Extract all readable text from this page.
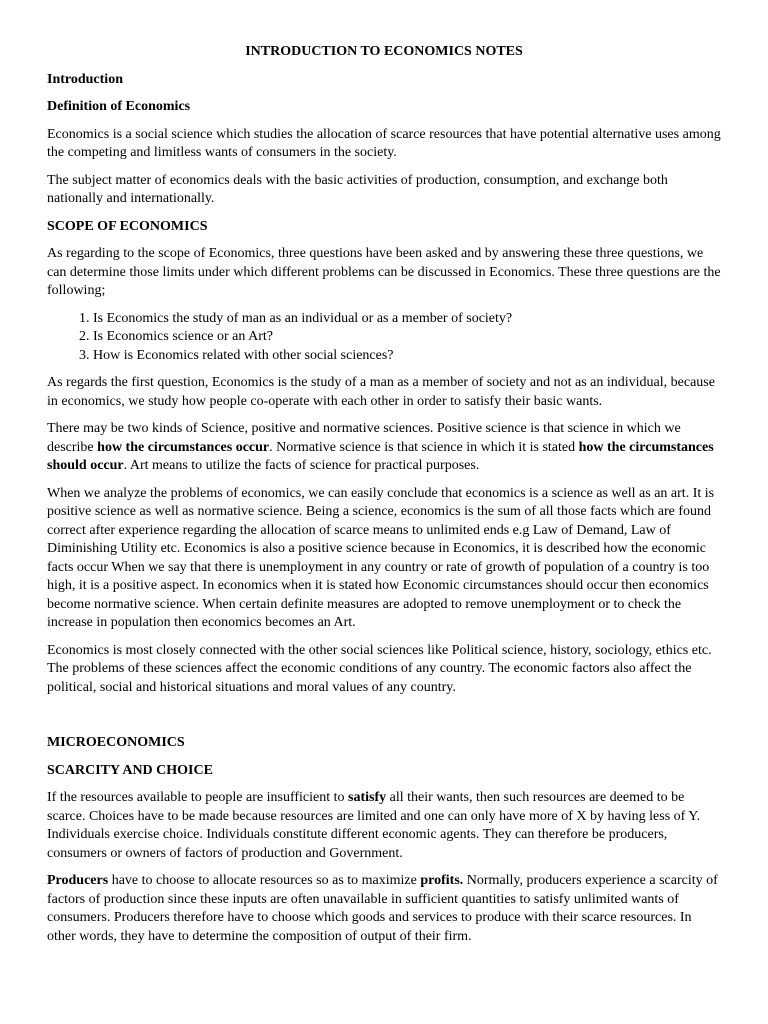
INTRODUCTION TO ECONOMICS NOTES
Introduction
Definition of Economics
Economics is a social science which studies the allocation of scarce resources that have potential alternative uses among the competing and limitless wants of consumers in the society.
The subject matter of economics deals with the basic activities of production, consumption, and exchange both nationally and internationally.
SCOPE OF ECONOMICS
As regarding to the scope of Economics, three questions have been asked and by answering these three questions, we can determine those limits under which different problems can be discussed in Economics. These three questions are the following;
1. Is Economics the study of man as an individual or as a member of society?
2. Is Economics science or an Art?
3. How is Economics related with other social sciences?
As regards the first question, Economics is the study of a man as a member of society and not as an individual, because in economics, we study how people co-operate with each other in order to satisfy their basic wants.
There may be two kinds of Science, positive and normative sciences. Positive science is that science in which we describe how the circumstances occur. Normative science is that science in which it is stated how the circumstances should occur. Art means to utilize the facts of science for practical purposes.
When we analyze the problems of economics, we can easily conclude that economics is a science as well as an art. It is positive science as well as normative science. Being a science, economics is the sum of all those facts which are found correct after experience regarding the allocation of scarce means to unlimited ends e.g Law of Demand, Law of Diminishing Utility etc. Economics is also a positive science because in Economics, it is described how the economic facts occur When we say that there is unemployment in any country or rate of growth of population of a country is too high, it is a positive aspect. In economics when it is stated how Economic circumstances should occur then economics become normative science. When certain definite measures are adopted to remove unemployment or to check the increase in population then economics becomes an Art.
Economics is most closely connected with the other social sciences like Political science, history, sociology, ethics etc. The problems of these sciences affect the economic conditions of any country. The economic factors also affect the political, social and historical situations and moral values of any country.
MICROECONOMICS
SCARCITY AND CHOICE
If the resources available to people are insufficient to satisfy all their wants, then such resources are deemed to be scarce. Choices have to be made because resources are limited and one can only have more of X by having less of Y. Individuals exercise choice. Individuals constitute different economic agents. They can therefore be producers, consumers or owners of factors of production and Government.
Producers have to choose to allocate resources so as to maximize profits. Normally, producers experience a scarcity of factors of production since these inputs are often unavailable in sufficient quantities to satisfy unlimited wants of consumers. Producers therefore have to choose which goods and services to produce with their scarce resources. In other words, they have to determine the composition of output of their firm.
